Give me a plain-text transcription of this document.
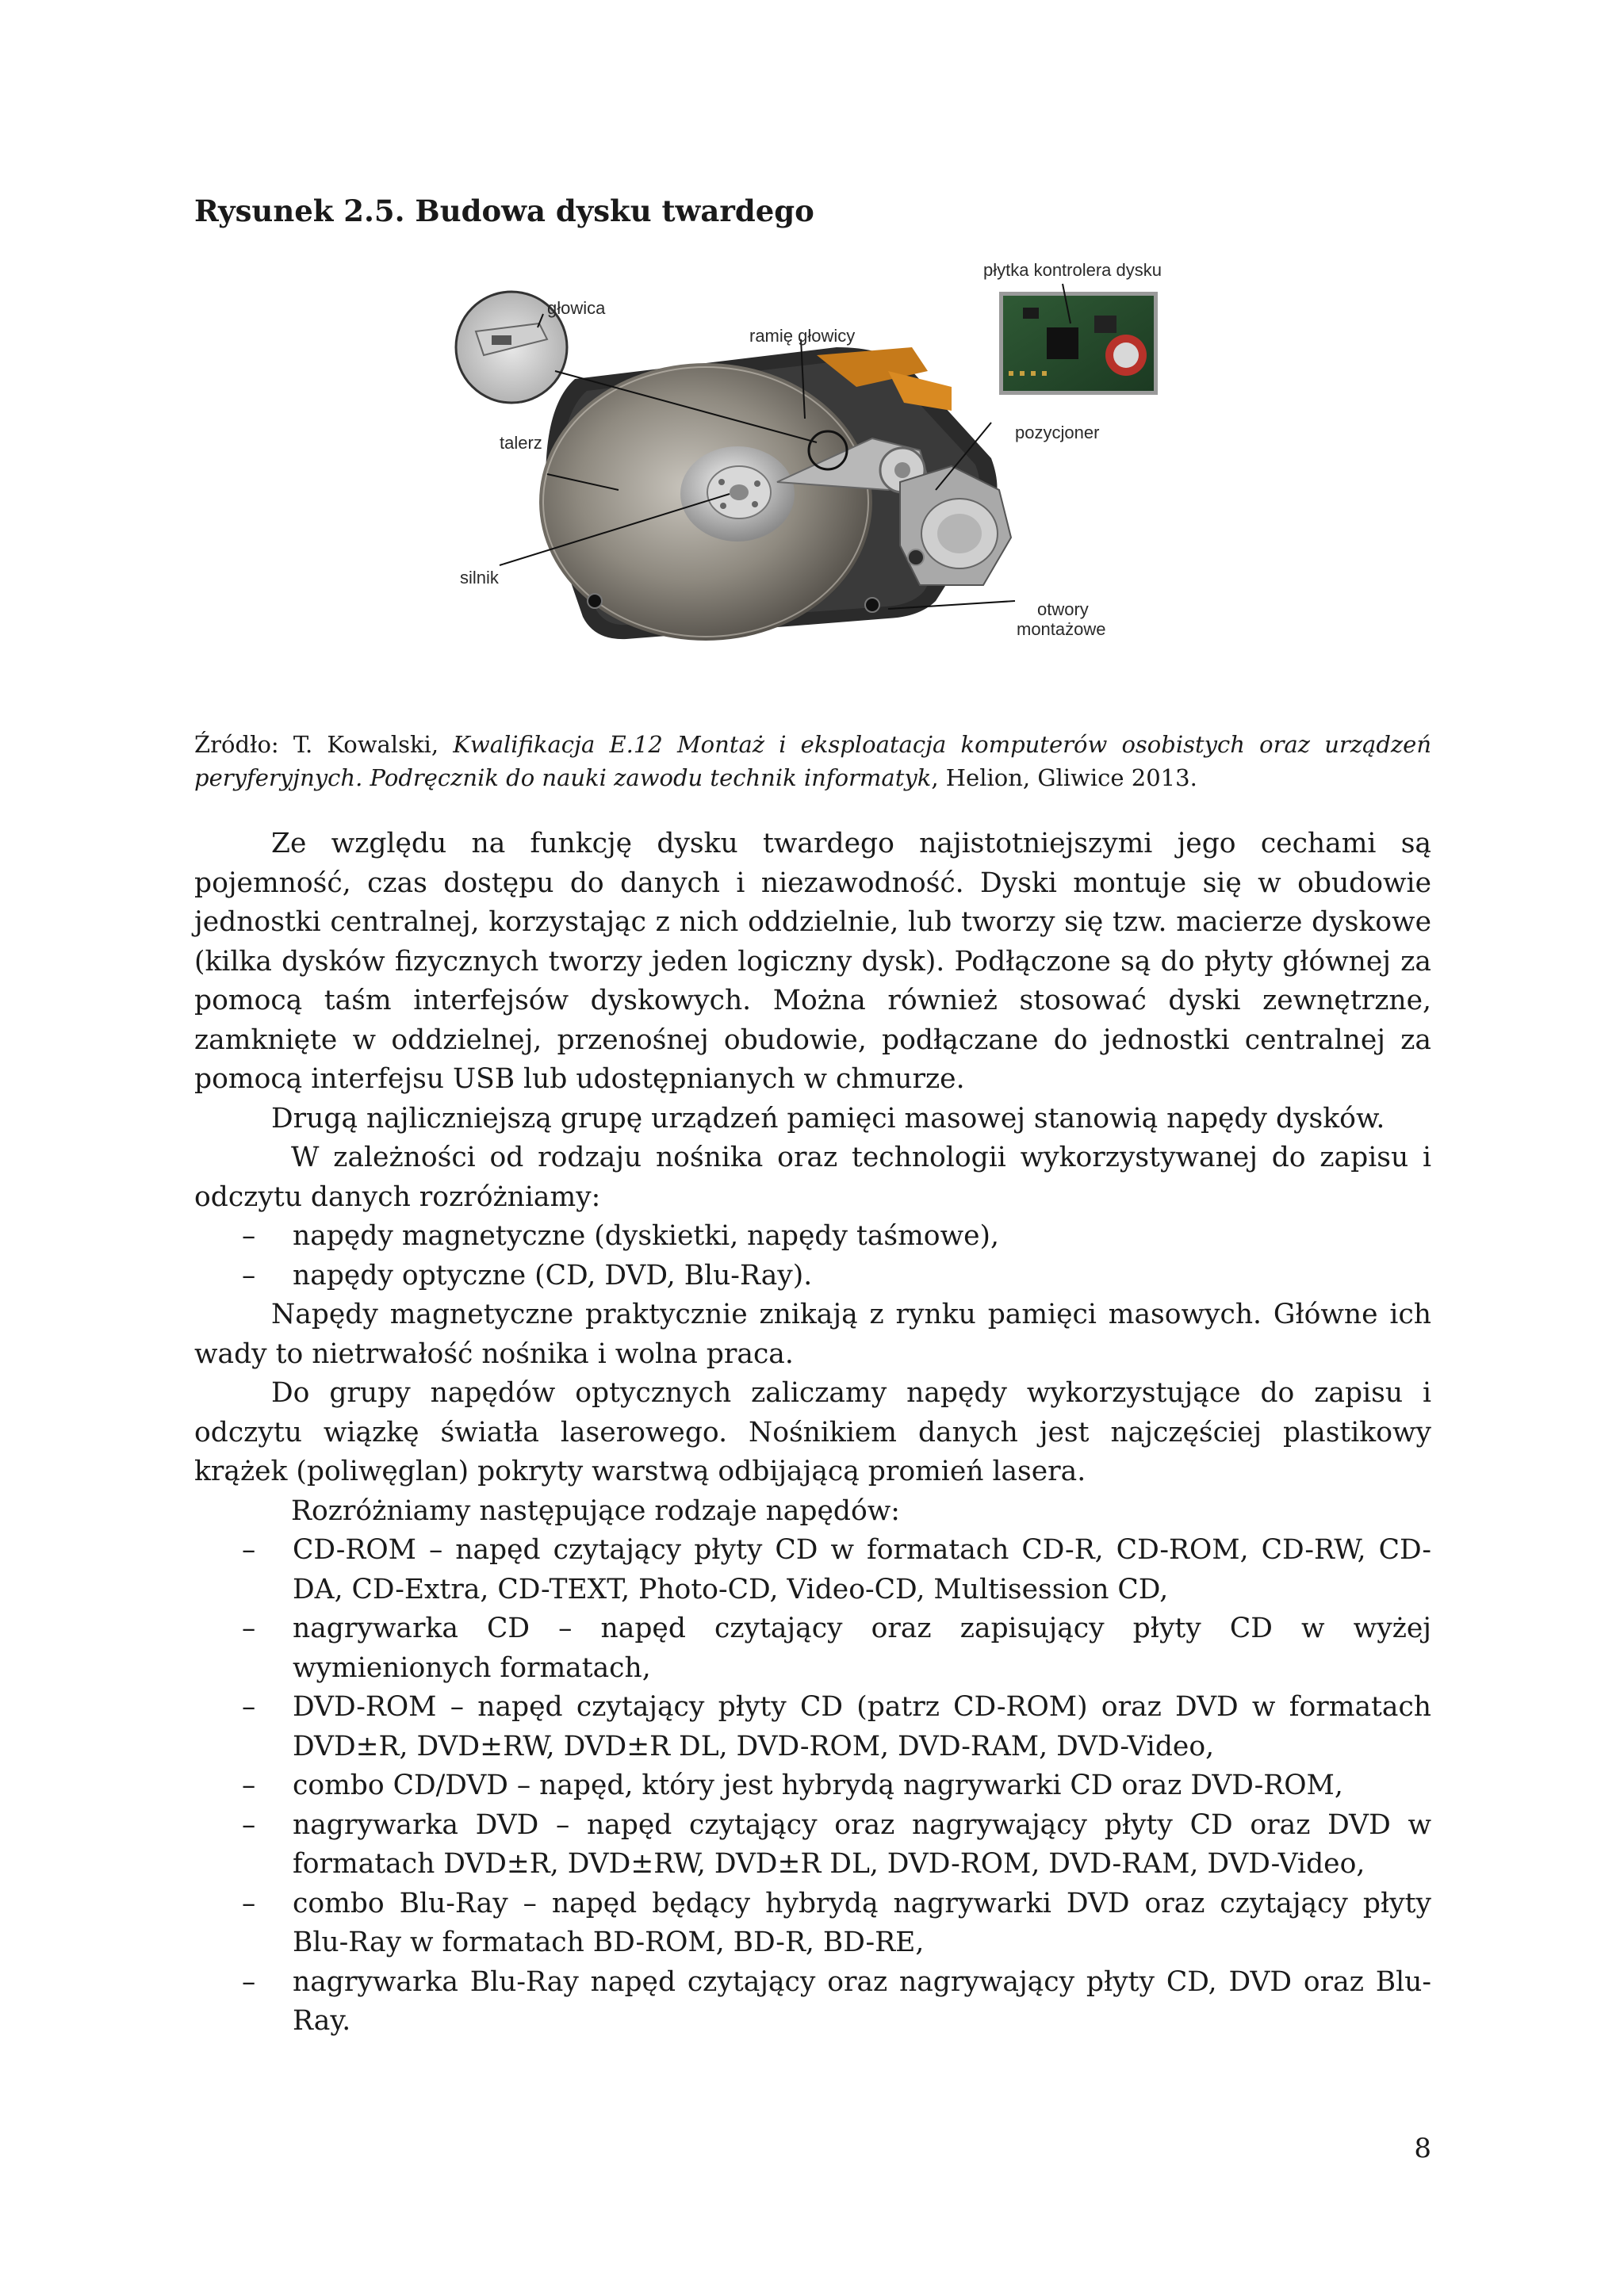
Rysunek 2.5. Budowa dysku twardego
głowica
ramię głowicy
płytka kontrolera dysku
talerz
pozycjoner
silnik
otwory
montażowe
Źródło: T. Kowalski, Kwalifikacja E.12 Montaż i eksploatacja komputerów osobistych oraz urządzeń peryferyjnych. Podręcznik do nauki zawodu technik informatyk, Helion, Gliwice 2013.

Ze względu na funkcję dysku twardego najistotniejszymi jego cechami są pojemność, czas dostępu do danych i niezawodność. Dyski montuje się w obudowie jednostki centralnej, korzystając z nich oddzielnie, lub tworzy się tzw. macierze dyskowe (kilka dysków fizycznych tworzy jeden logiczny dysk). Podłączone są do płyty głównej za pomocą taśm interfejsów dyskowych. Można również stosować dyski zewnętrzne, zamknięte w oddzielnej, przenośnej obudowie, podłączane do jednostki centralnej za pomocą interfejsu USB lub udostępnianych w chmurze.

Drugą najliczniejszą grupę urządzeń pamięci masowej stanowią napędy dysków.

W zależności od rodzaju nośnika oraz technologii wykorzystywanej do zapisu i odczytu danych rozróżniamy:

– napędy magnetyczne (dyskietki, napędy taśmowe),
– napędy optyczne (CD, DVD, Blu-Ray).

Napędy magnetyczne praktycznie znikają z rynku pamięci masowych. Główne ich wady to nietrwałość nośnika i wolna praca.

Do grupy napędów optycznych zaliczamy napędy wykorzystujące do zapisu i odczytu wiązkę światła laserowego. Nośnikiem danych jest najczęściej plastikowy krążek (poliwęglan) pokryty warstwą odbijającą promień lasera.

Rozróżniamy następujące rodzaje napędów:

– CD-ROM – napęd czytający płyty CD w formatach CD-R, CD-ROM, CD-RW, CD-DA, CD-Extra, CD-TEXT, Photo-CD, Video-CD, Multisession CD,
– nagrywarka CD – napęd czytający oraz zapisujący płyty CD w wyżej wymienionych formatach,
– DVD-ROM – napęd czytający płyty CD (patrz CD-ROM) oraz DVD w formatach DVD±R, DVD±RW, DVD±R DL, DVD-ROM, DVD-RAM, DVD-Video,
– combo CD/DVD – napęd, który jest hybrydą nagrywarki CD oraz DVD-ROM,
– nagrywarka DVD – napęd czytający oraz nagrywający płyty CD oraz DVD w formatach DVD±R, DVD±RW, DVD±R DL, DVD-ROM, DVD-RAM, DVD-Video,
– combo Blu-Ray – napęd będący hybrydą nagrywarki DVD oraz czytający płyty Blu-Ray w formatach BD-ROM, BD-R, BD-RE,
– nagrywarka Blu-Ray napęd czytający oraz nagrywający płyty CD, DVD oraz Blu-Ray.
8
